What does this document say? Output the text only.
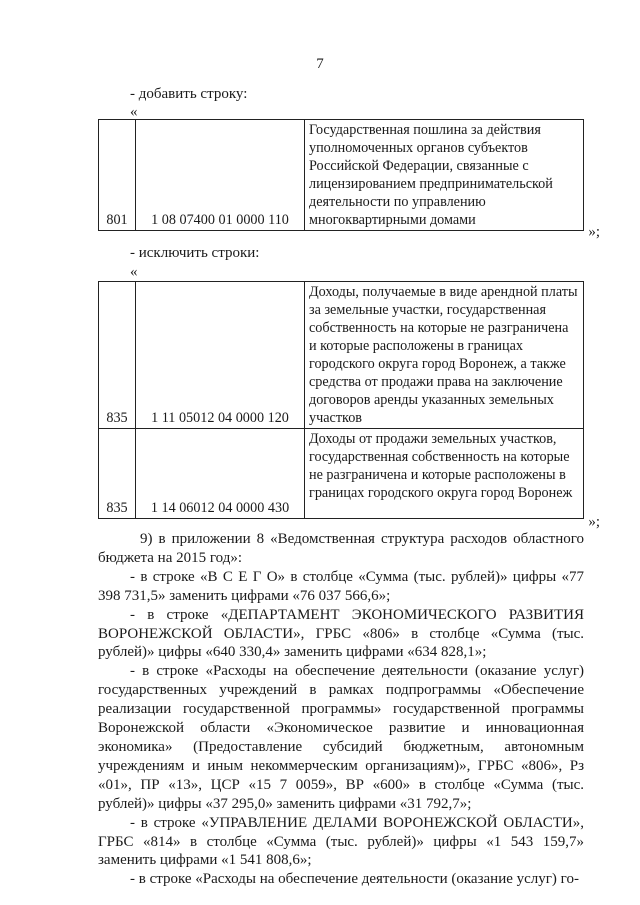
7
- добавить строку:
«
801	1 08 07400 01 0000 110	Государственная пошлина за действия уполномоченных органов субъектов Российской Федерации, связанные с лицензированием предпринимательской деятельности по управлению многоквартирными домами
»;
- исключить строки:
«
835	1 11 05012 04 0000 120	Доходы, получаемые в виде арендной платы за земельные участки, государственная собственность на которые не разграничена и которые расположены в границах городского округа город Воронеж, а также средства от продажи права на заключение договоров аренды указанных земельных участков
835	1 14 06012 04 0000 430	Доходы от продажи земельных участков, государственная собственность на которые не разграничена и которые расположены в границах городского округа город Воронеж
»;

9) в приложении 8 «Ведомственная структура расходов областного бюджета на 2015 год»:

- в строке «В С Е Г О» в столбце «Сумма (тыс. рублей)» цифры «77 398 731,5» заменить цифрами «76 037 566,6»;

- в строке «ДЕПАРТАМЕНТ ЭКОНОМИЧЕСКОГО РАЗВИТИЯ ВОРОНЕЖСКОЙ ОБЛАСТИ», ГРБС «806» в столбце «Сумма (тыс. рублей)» цифры «640 330,4» заменить цифрами «634 828,1»;

- в строке «Расходы на обеспечение деятельности (оказание услуг) государственных учреждений в рамках подпрограммы «Обеспечение реализации государственной программы» государственной программы Воронежской области «Экономическое развитие и инновационная экономика» (Предоставление субсидий бюджетным, автономным учреждениям и иным некоммерческим организациям)», ГРБС «806», Рз «01», ПР «13», ЦСР «15 7 0059», ВР «600» в столбце «Сумма (тыс. рублей)» цифры «37 295,0» заменить цифрами «31 792,7»;

- в строке «УПРАВЛЕНИЕ ДЕЛАМИ ВОРОНЕЖСКОЙ ОБЛАСТИ», ГРБС «814» в столбце «Сумма (тыс. рублей)» цифры «1 543 159,7» заменить цифрами «1 541 808,6»;

- в строке «Расходы на обеспечение деятельности (оказание услуг) го-
